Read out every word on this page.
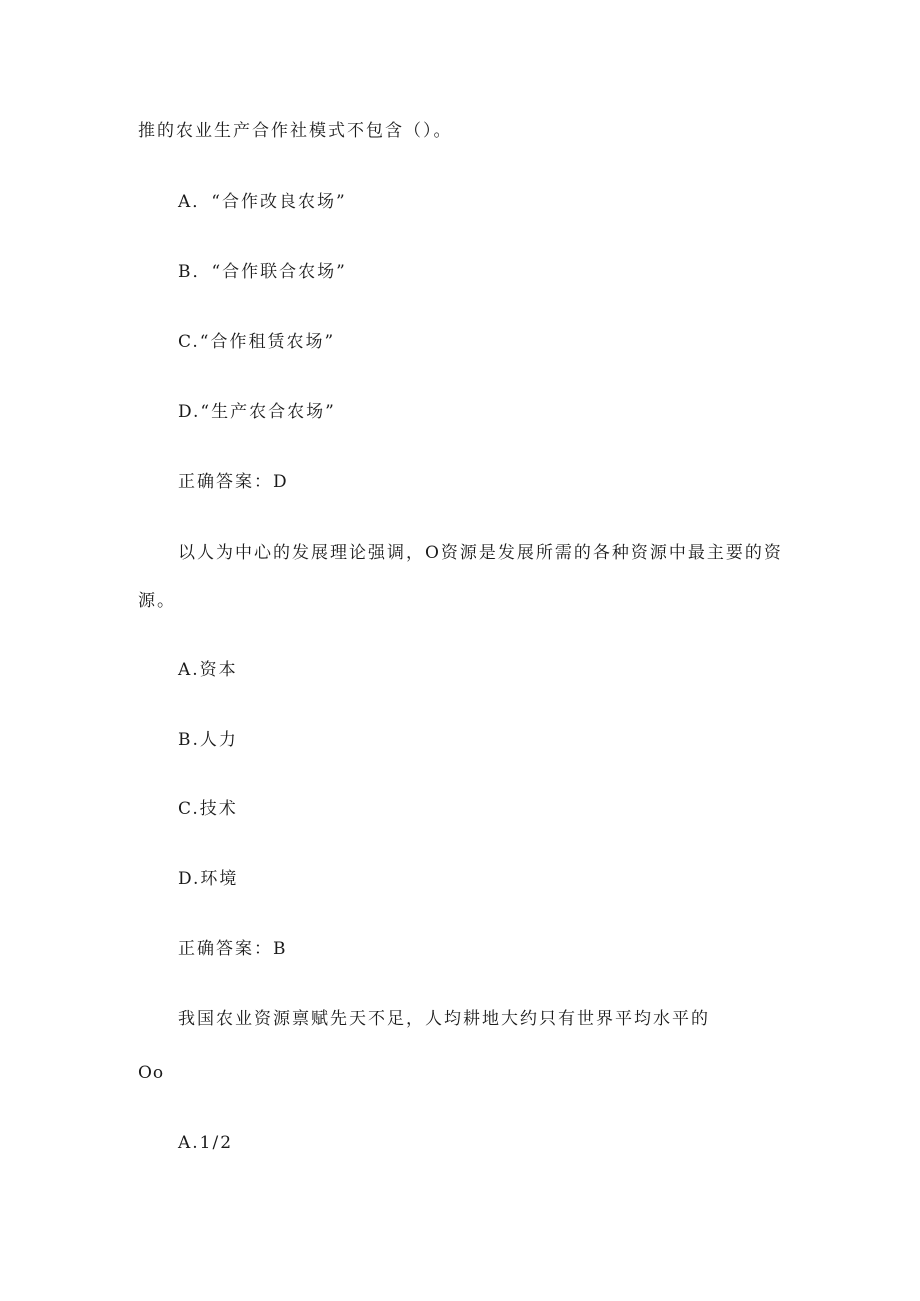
推的农业生产合作社模式不包含（）。
A．“合作改良农场”
B．“合作联合农场”
C.“合作租赁农场”
D.“生产农合农场”
正确答案：D
以人为中心的发展理论强调，O资源是发展所需的各种资源中最主要的资
源。
A.资本
B.人力
C.技术
D.环境
正确答案：B
我国农业资源禀赋先天不足，人均耕地大约只有世界平均水平的
Oo
A.1/2
